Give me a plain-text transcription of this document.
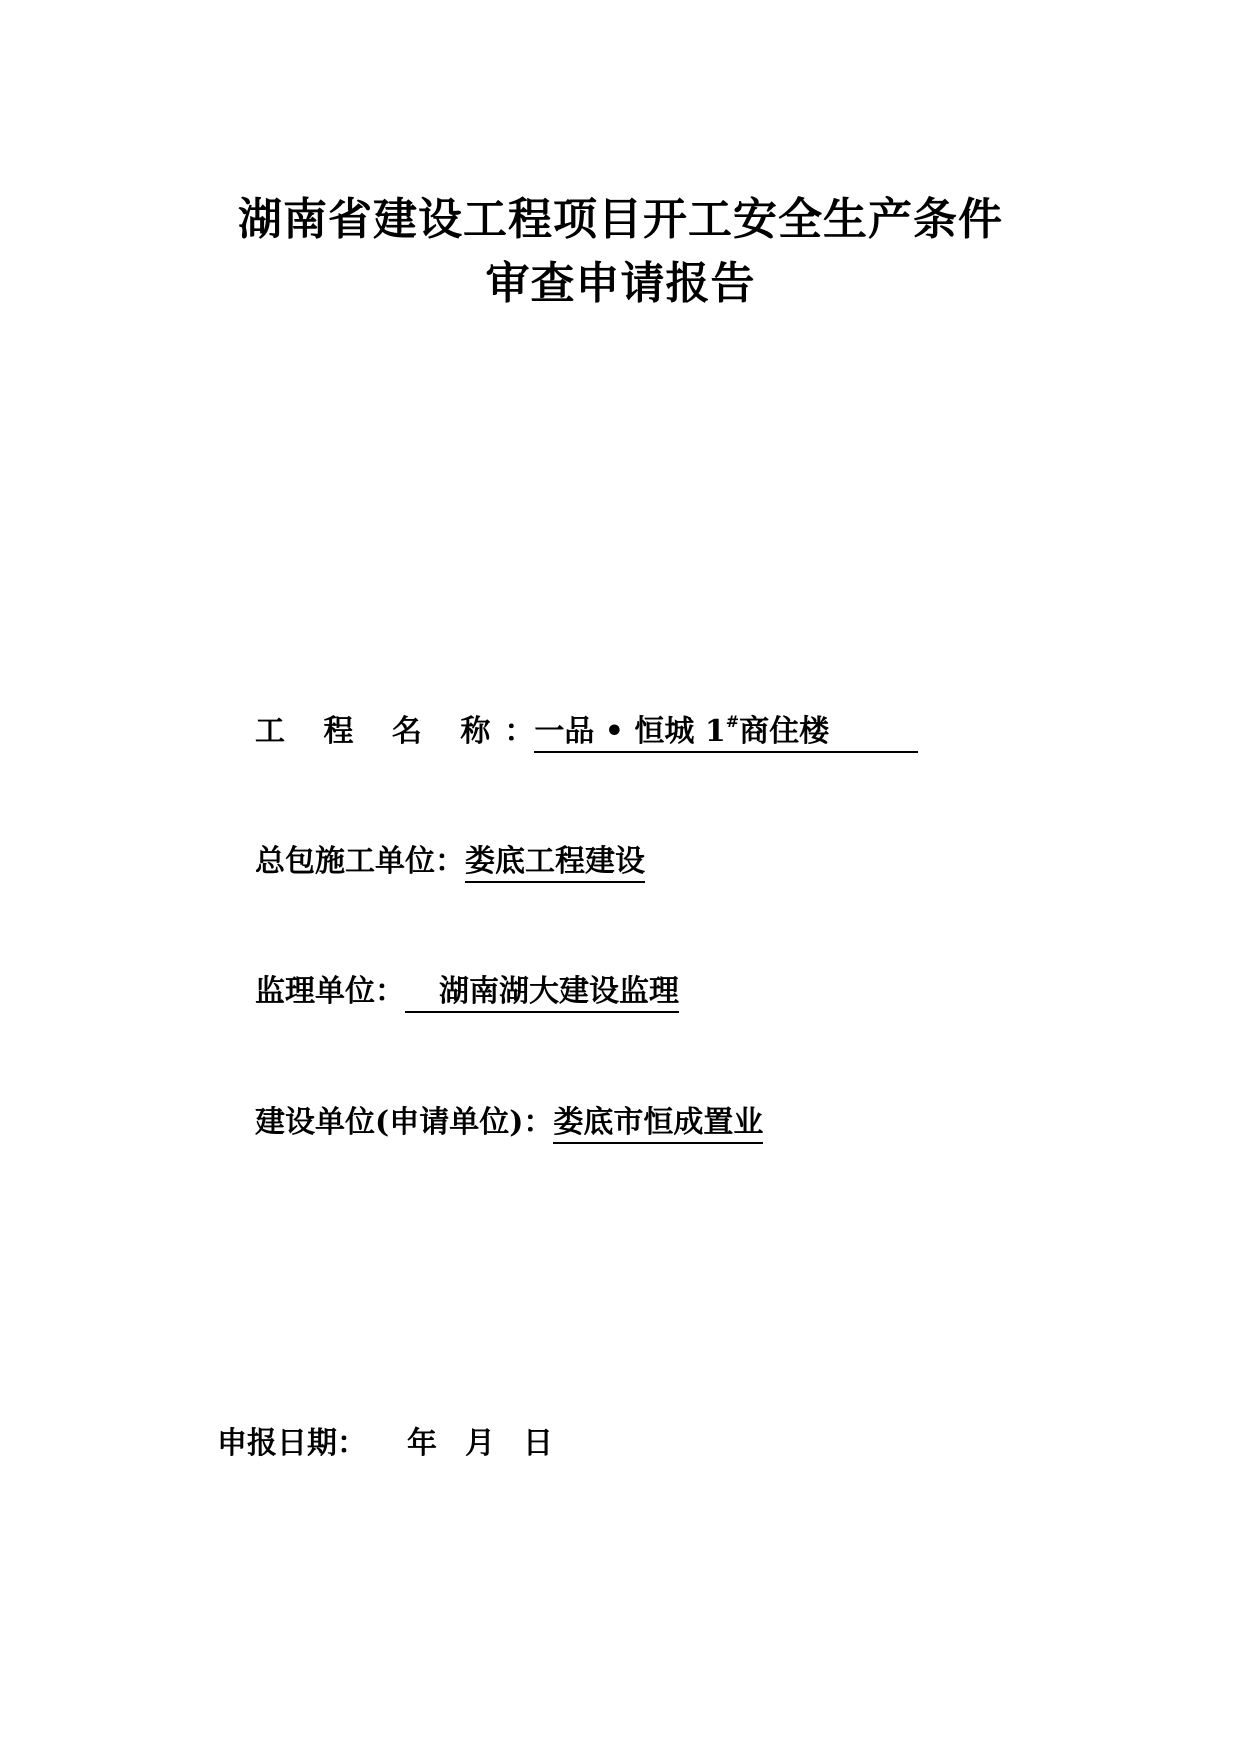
湖南省建设工程项目开工安全生产条件
审查申请报告
工 程 名 称：一品 • 恒城 1#商住楼
总包施工单位：娄底工程建设
监理单位： 湖南湖大建设监理
建设单位(申请单位)：娄底市恒成置业
申报日期： 年 月 日
